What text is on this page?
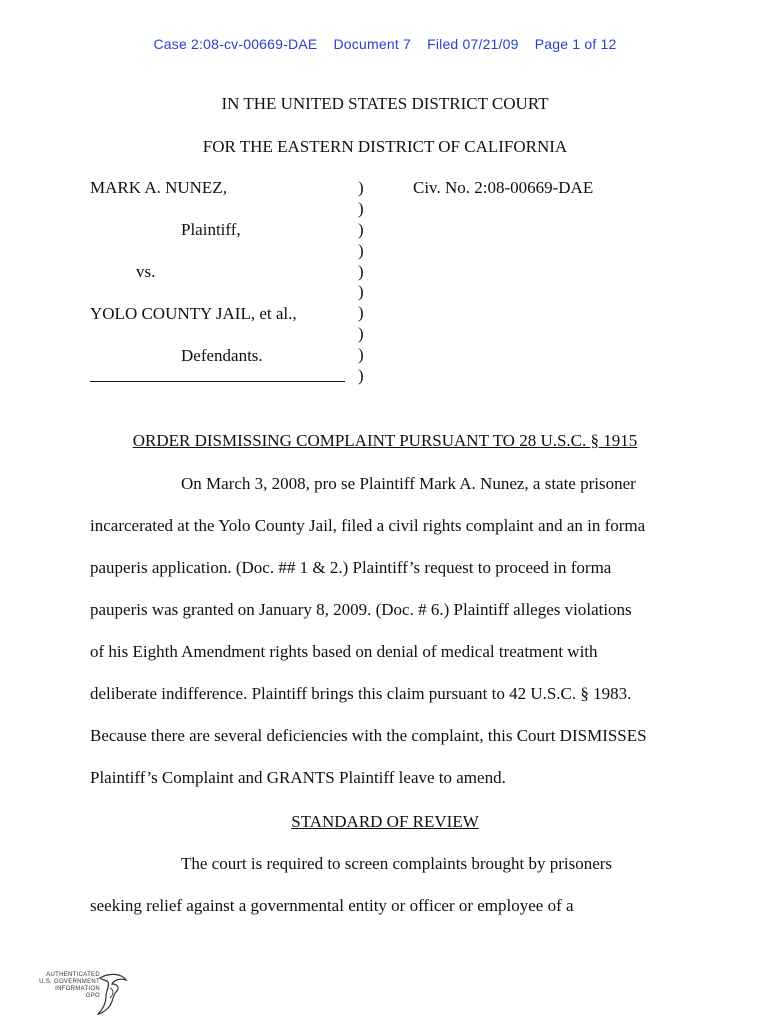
Case 2:08-cv-00669-DAE Document 7 Filed 07/21/09 Page 1 of 12
IN THE UNITED STATES DISTRICT COURT
FOR THE EASTERN DISTRICT OF CALIFORNIA
MARK A. NUNEZ,
Plaintiff,
vs.
YOLO COUNTY JAIL, et al.,
Defendants.
Civ. No. 2:08-00669-DAE
)
)
)
)
)
)
)
)
)
)
ORDER DISMISSING COMPLAINT PURSUANT TO 28 U.S.C. § 1915
On March 3, 2008, pro se Plaintiff Mark A. Nunez, a state prisoner
incarcerated at the Yolo County Jail, filed a civil rights complaint and an in forma
pauperis application. (Doc. ## 1 & 2.) Plaintiff’s request to proceed in forma
pauperis was granted on January 8, 2009. (Doc. # 6.) Plaintiff alleges violations
of his Eighth Amendment rights based on denial of medical treatment with
deliberate indifference. Plaintiff brings this claim pursuant to 42 U.S.C. § 1983.
Because there are several deficiencies with the complaint, this Court DISMISSES
Plaintiff’s Complaint and GRANTS Plaintiff leave to amend.
STANDARD OF REVIEW
The court is required to screen complaints brought by prisoners
seeking relief against a governmental entity or officer or employee of a
AUTHENTICATED
U.S. GOVERNMENT
INFORMATION
GPO
